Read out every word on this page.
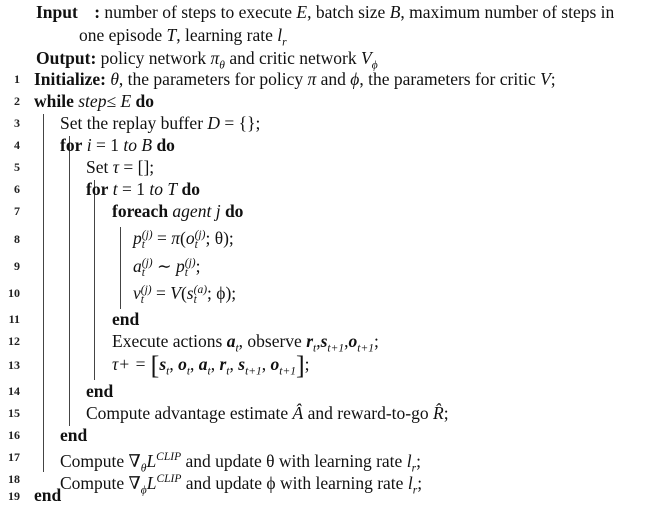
Input : number of steps to execute E, batch size B, maximum number of steps in
one episode T, learning rate $l_r$
Output: policy network $\pi_\theta$ and critic network $V_\phi$
1 Initialize: θ, the parameters for policy π and ϕ, the parameters for critic V;
2 while step≤ E do
3 Set the replay buffer D = {};
4 for i = 1 to B do
5	Set τ = [];
6	for t = 1 to T do
7	foreach agent j do
8	p (j)
t = π(o (j)
t ; θ);
9	a (j)
t ∼ p (j)
t ;
10	v (j)
t = V(s (a)
t ; ϕ);
11	end
12	Execute actions $a_t$, observe $r_t,s_{t+1},o_{t+1}$;
13	$\tau+ = [s_t$, $o_t$, $a_t$, $r_t$, $s_{t+1}$, $o_{t+1}$];
14	end
15	Compute advantage estimate Â and reward-to-go R̂;
16 end
17 Compute $\nabla_\theta L^{CLIP}$ and update θ with learning rate $l_r$;
18 Compute $\nabla_\phi L^{CLIP}$ and update ϕ with learning rate $l_r$;
19 end
